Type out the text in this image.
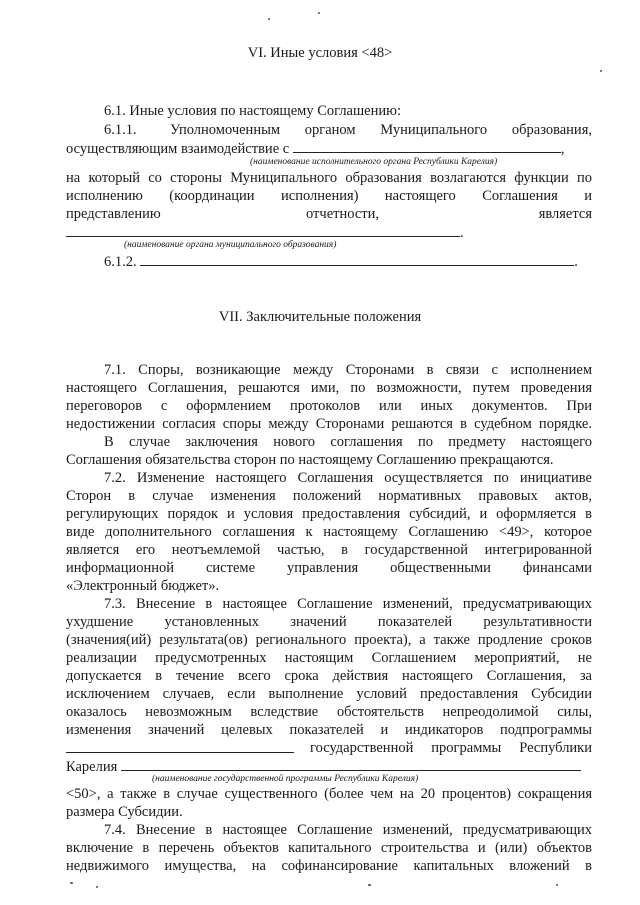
VI. Иные условия <48>
6.1. Иные условия по настоящему Соглашению:
6.1.1. Уполномоченным органом Муниципального образования,
осуществляющим взаимодействие с	,
(наименование исполнительного органа Республики Карелия)
на который со стороны Муниципального образования возлагаются функции по
исполнению (координации исполнения) настоящего Соглашения и
представлению	отчетности,	является
.
(наименование органа муниципального образования)
6.1.2.	.
VII. Заключительные положения
7.1. Споры, возникающие между Сторонами в связи с исполнением
настоящего Соглашения, решаются ими, по возможности, путем проведения
переговоров с оформлением протоколов или иных документов. При
недостижении согласия споры между Сторонами решаются в судебном порядке.
В случае заключения нового соглашения по предмету настоящего
Соглашения обязательства сторон по настоящему Соглашению прекращаются.
7.2. Изменение настоящего Соглашения осуществляется по инициативе
Сторон в случае изменения положений нормативных правовых актов,
регулирующих порядок и условия предоставления субсидий, и оформляется в
виде дополнительного соглашения к настоящему Соглашению <49>, которое
является его неотъемлемой частью, в государственной интегрированной
информационной системе управления общественными финансами
«Электронный бюджет».
7.3. Внесение в настоящее Соглашение изменений, предусматривающих
ухудшение установленных значений показателей результативности
(значения(ий) результата(ов) регионального проекта), а также продление сроков
реализации предусмотренных настоящим Соглашением мероприятий, не
допускается в течение всего срока действия настоящего Соглашения, за
исключением случаев, если выполнение условий предоставления Субсидии
оказалось невозможным вследствие обстоятельств непреодолимой силы,
изменения значений целевых показателей и индикаторов подпрограммы
государственной программы Республики
Карелия
(наименование государственной программы Республики Карелия)
<50>, а также в случае существенного (более чем на 20 процентов) сокращения
размера Субсидии.
7.4. Внесение в настоящее Соглашение изменений, предусматривающих
включение в перечень объектов капитального строительства и (или) объектов
недвижимого имущества, на софинансирование капитальных вложений в
